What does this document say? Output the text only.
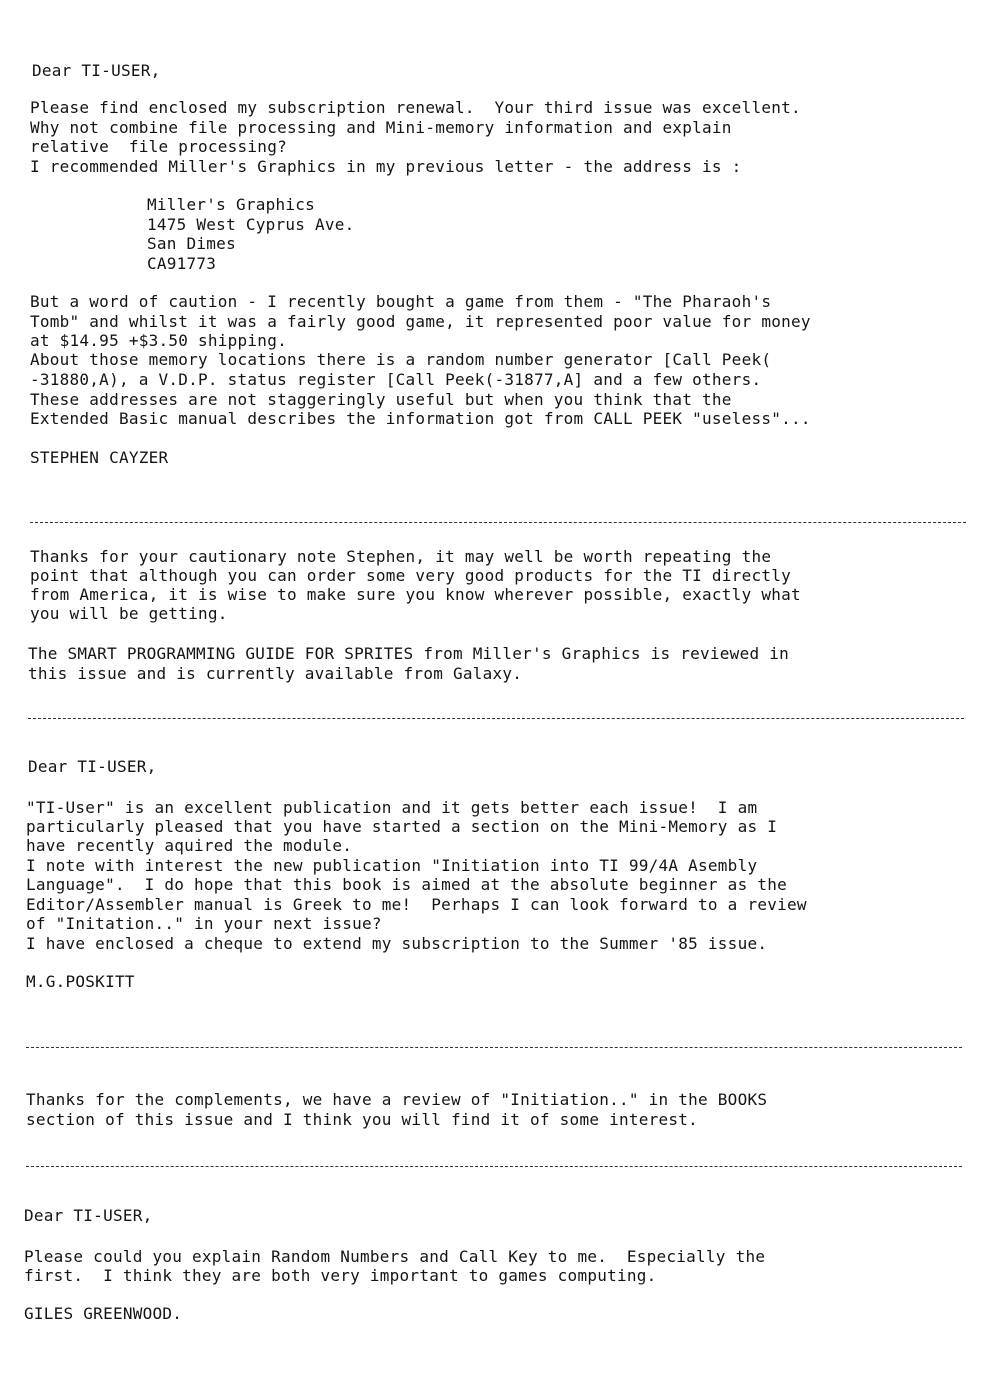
Dear TI-USER,
Please find enclosed my subscription renewal.  Your third issue was excellent.
Why not combine file processing and Mini-memory information and explain
relative  file processing?
I recommended Miller's Graphics in my previous letter - the address is :
Miller's Graphics
1475 West Cyprus Ave.
San Dimes
CA91773
But a word of caution - I recently bought a game from them - "The Pharaoh's
Tomb" and whilst it was a fairly good game, it represented poor value for money
at $14.95 +$3.50 shipping.
About those memory locations there is a random number generator [Call Peek(
-31880,A), a V.D.P. status register [Call Peek(-31877,A] and a few others.
These addresses are not staggeringly useful but when you think that the
Extended Basic manual describes the information got from CALL PEEK "useless"...
STEPHEN CAYZER
Thanks for your cautionary note Stephen, it may well be worth repeating the
point that although you can order some very good products for the TI directly
from America, it is wise to make sure you know wherever possible, exactly what
you will be getting.
The SMART PROGRAMMING GUIDE FOR SPRITES from Miller's Graphics is reviewed in
this issue and is currently available from Galaxy.
Dear TI-USER,
"TI-User" is an excellent publication and it gets better each issue!  I am
particularly pleased that you have started a section on the Mini-Memory as I
have recently aquired the module.
I note with interest the new publication "Initiation into TI 99/4A Asembly
Language".  I do hope that this book is aimed at the absolute beginner as the
Editor/Assembler manual is Greek to me!  Perhaps I can look forward to a review
of "Initation.." in your next issue?
I have enclosed a cheque to extend my subscription to the Summer '85 issue.
M.G.POSKITT
Thanks for the complements, we have a review of "Initiation.." in the BOOKS
section of this issue and I think you will find it of some interest.
Dear TI-USER,
Please could you explain Random Numbers and Call Key to me.  Especially the
first.  I think they are both very important to games computing.
GILES GREENWOOD.
